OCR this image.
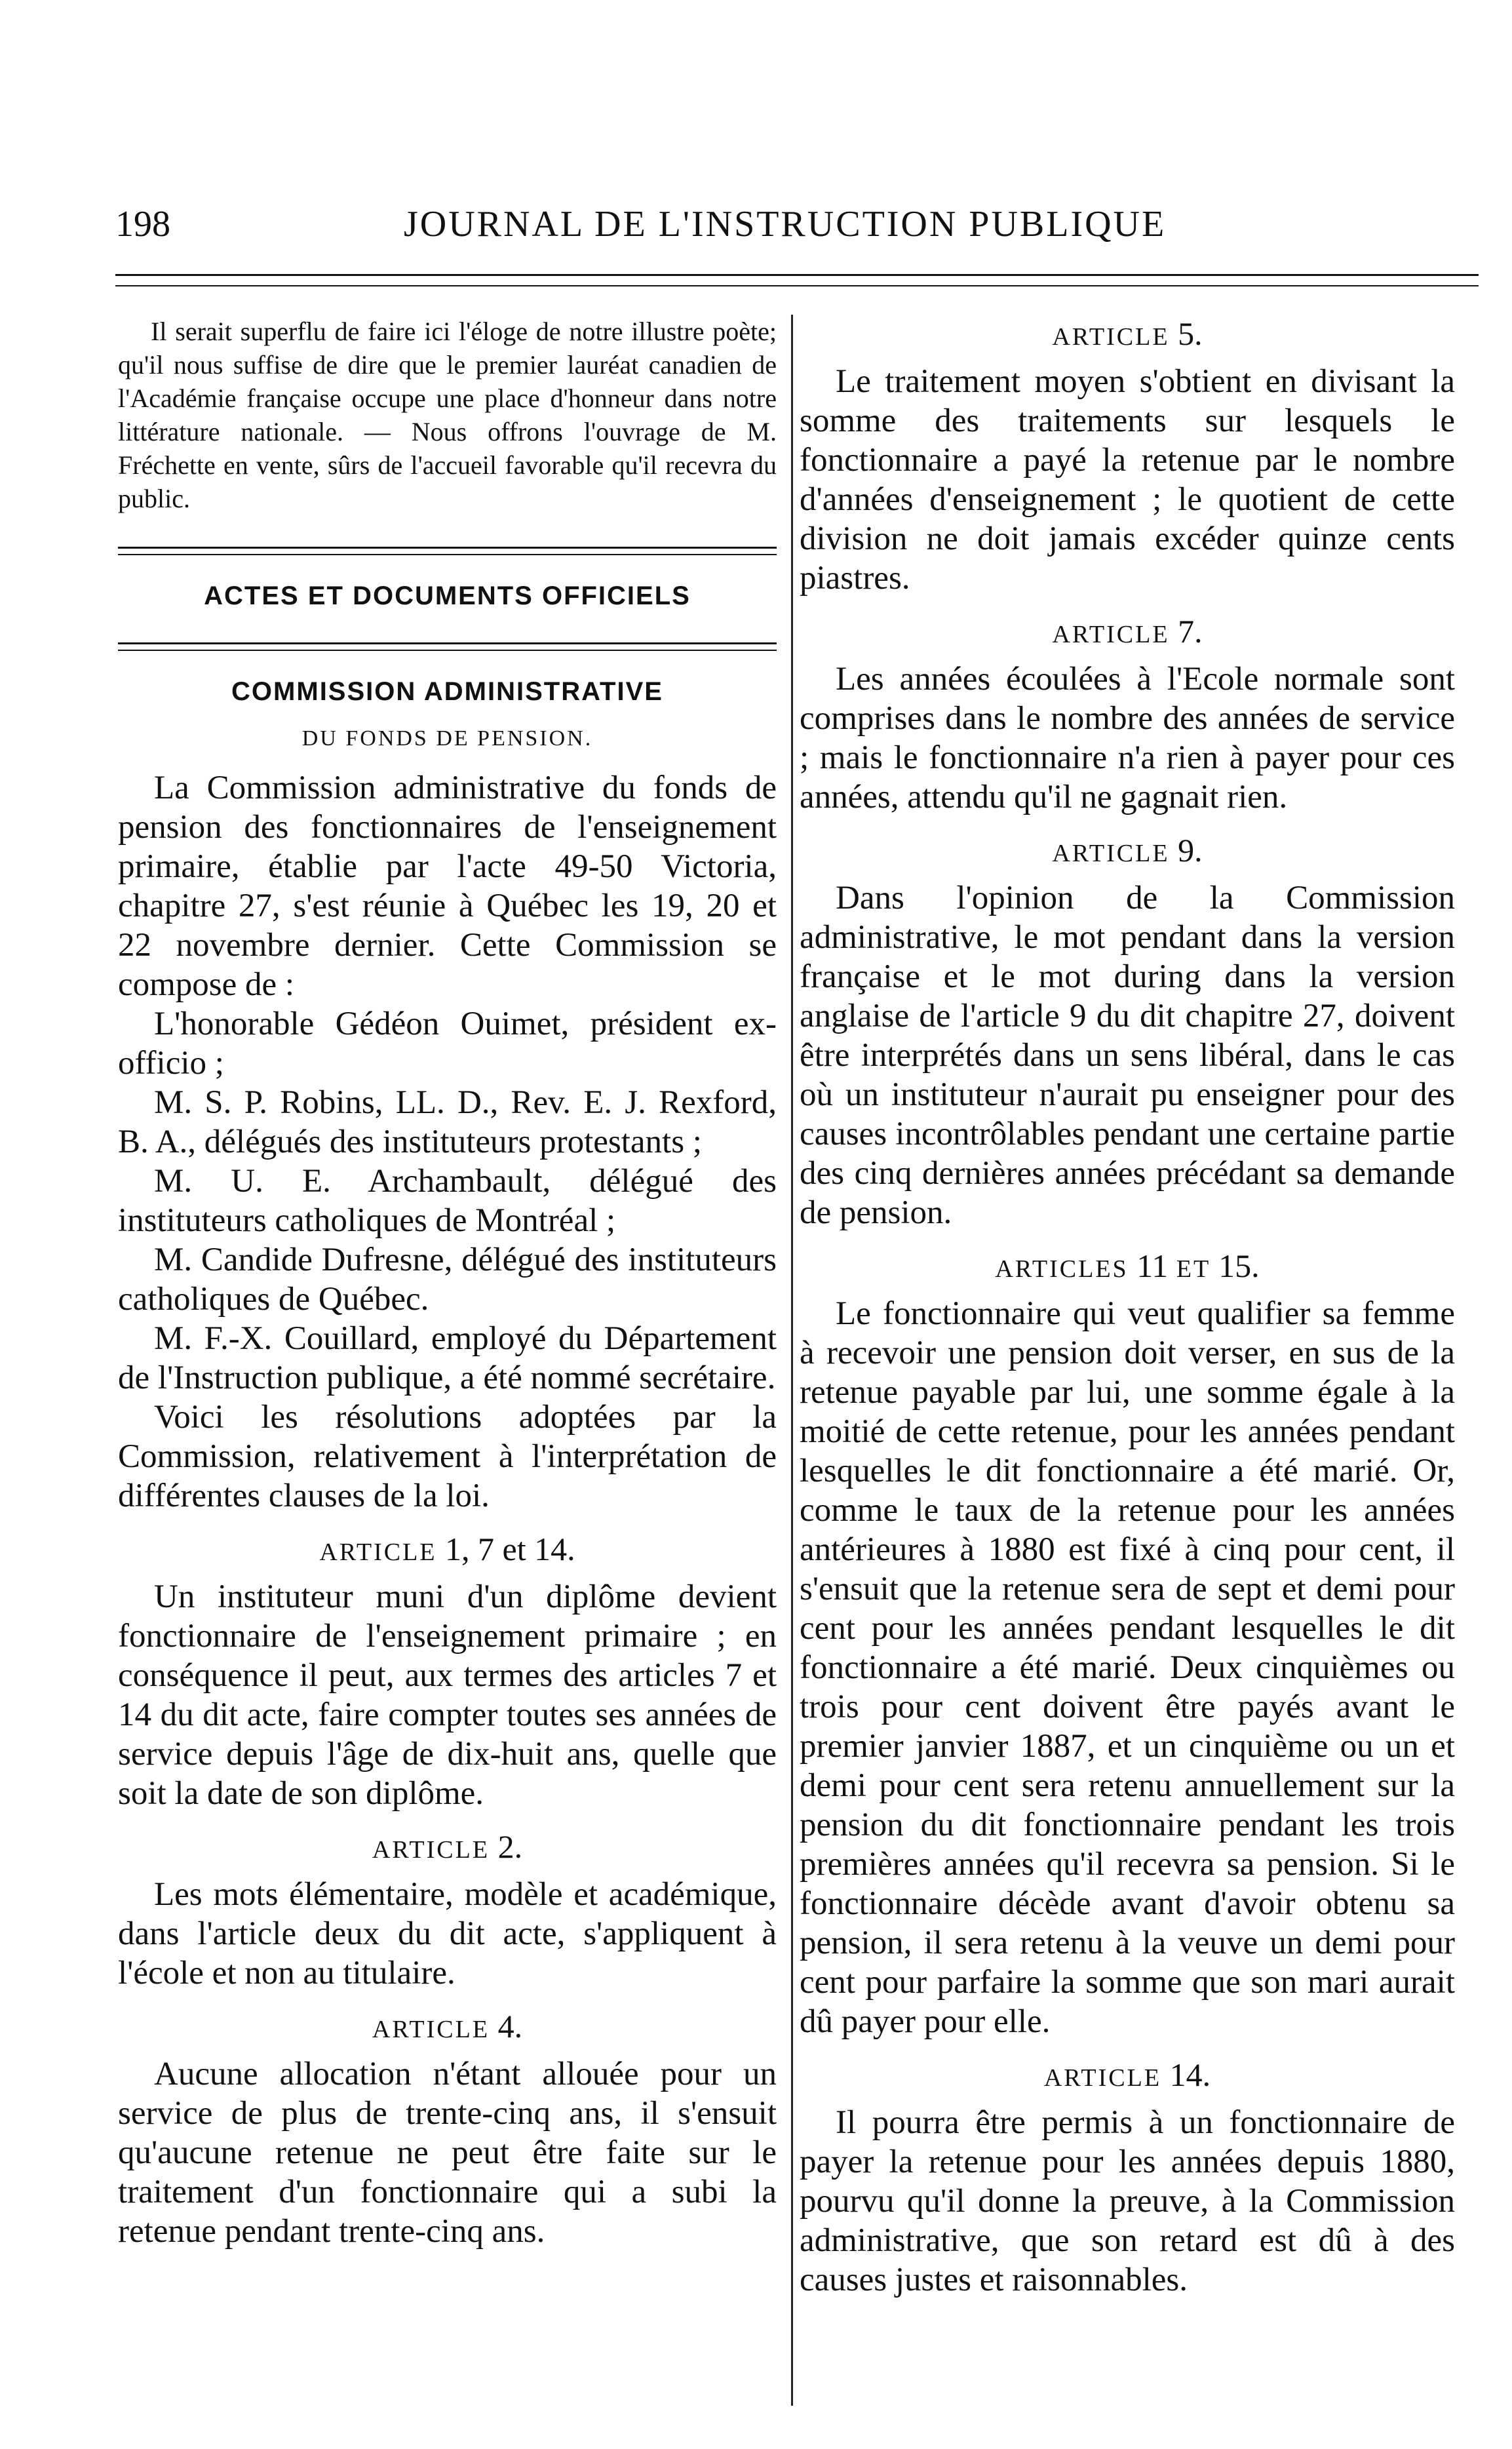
198	JOURNAL DE L'INSTRUCTION PUBLIQUE

Il serait superflu de faire ici l'éloge de notre illustre poète; qu'il nous suffise de dire que le premier lauréat canadien de l'Académie française occupe une place d'honneur dans notre littérature nationale. — Nous offrons l'ouvrage de M. Fréchette en vente, sûrs de l'accueil favorable qu'il recevra du public.

ACTES ET DOCUMENTS OFFICIELS
COMMISSION ADMINISTRATIVE
DU FONDS DE PENSION.

La Commission administrative du fonds de pension des fonctionnaires de l'enseignement primaire, établie par l'acte 49-50 Victoria, chapitre 27, s'est réunie à Québec les 19, 20 et 22 novembre dernier. Cette Commission se compose de :

L'honorable Gédéon Ouimet, président ex-officio ;
M. S. P. Robins, LL. D., Rev. E. J. Rexford, B. A., délégués des instituteurs protestants ;
M. U. E. Archambault, délégué des instituteurs catholiques de Montréal ;
M. Candide Dufresne, délégué des instituteurs catholiques de Québec.
M. F.-X. Couillard, employé du Département de l'Instruction publique, a été nommé secrétaire.

Voici les résolutions adoptées par la Commission, relativement à l'interprétation de différentes clauses de la loi.

ARTICLE 1, 7 et 14.

Un instituteur muni d'un diplôme devient fonctionnaire de l'enseignement primaire ; en conséquence il peut, aux termes des articles 7 et 14 du dit acte, faire compter toutes ses années de service depuis l'âge de dix-huit ans, quelle que soit la date de son diplôme.

ARTICLE 2.

Les mots élémentaire, modèle et académique, dans l'article deux du dit acte, s'appliquent à l'école et non au titulaire.

ARTICLE 4.

Aucune allocation n'étant allouée pour un service de plus de trente-cinq ans, il s'ensuit qu'aucune retenue ne peut être faite sur le traitement d'un fonctionnaire qui a subi la retenue pendant trente-cinq ans.

ARTICLE 5.

Le traitement moyen s'obtient en divisant la somme des traitements sur lesquels le fonctionnaire a payé la retenue par le nombre d'années d'enseignement ; le quotient de cette division ne doit jamais excéder quinze cents piastres.

ARTICLE 7.

Les années écoulées à l'Ecole normale sont comprises dans le nombre des années de service ; mais le fonctionnaire n'a rien à payer pour ces années, attendu qu'il ne gagnait rien.

ARTICLE 9.

Dans l'opinion de la Commission administrative, le mot pendant dans la version française et le mot during dans la version anglaise de l'article 9 du dit chapitre 27, doivent être interprétés dans un sens libéral, dans le cas où un instituteur n'aurait pu enseigner pour des causes incontrôlables pendant une certaine partie des cinq dernières années précédant sa demande de pension.

ARTICLES 11 ET 15.

Le fonctionnaire qui veut qualifier sa femme à recevoir une pension doit verser, en sus de la retenue payable par lui, une somme égale à la moitié de cette retenue, pour les années pendant lesquelles le dit fonctionnaire a été marié. Or, comme le taux de la retenue pour les années antérieures à 1880 est fixé à cinq pour cent, il s'ensuit que la retenue sera de sept et demi pour cent pour les années pendant lesquelles le dit fonctionnaire a été marié. Deux cinquièmes ou trois pour cent doivent être payés avant le premier janvier 1887, et un cinquième ou un et demi pour cent sera retenu annuellement sur la pension du dit fonctionnaire pendant les trois premières années qu'il recevra sa pension. Si le fonctionnaire décède avant d'avoir obtenu sa pension, il sera retenu à la veuve un demi pour cent pour parfaire la somme que son mari aurait dû payer pour elle.

ARTICLE 14.

Il pourra être permis à un fonctionnaire de payer la retenue pour les années depuis 1880, pourvu qu'il donne la preuve, à la Commission administrative, que son retard est dû à des causes justes et raisonnables.
